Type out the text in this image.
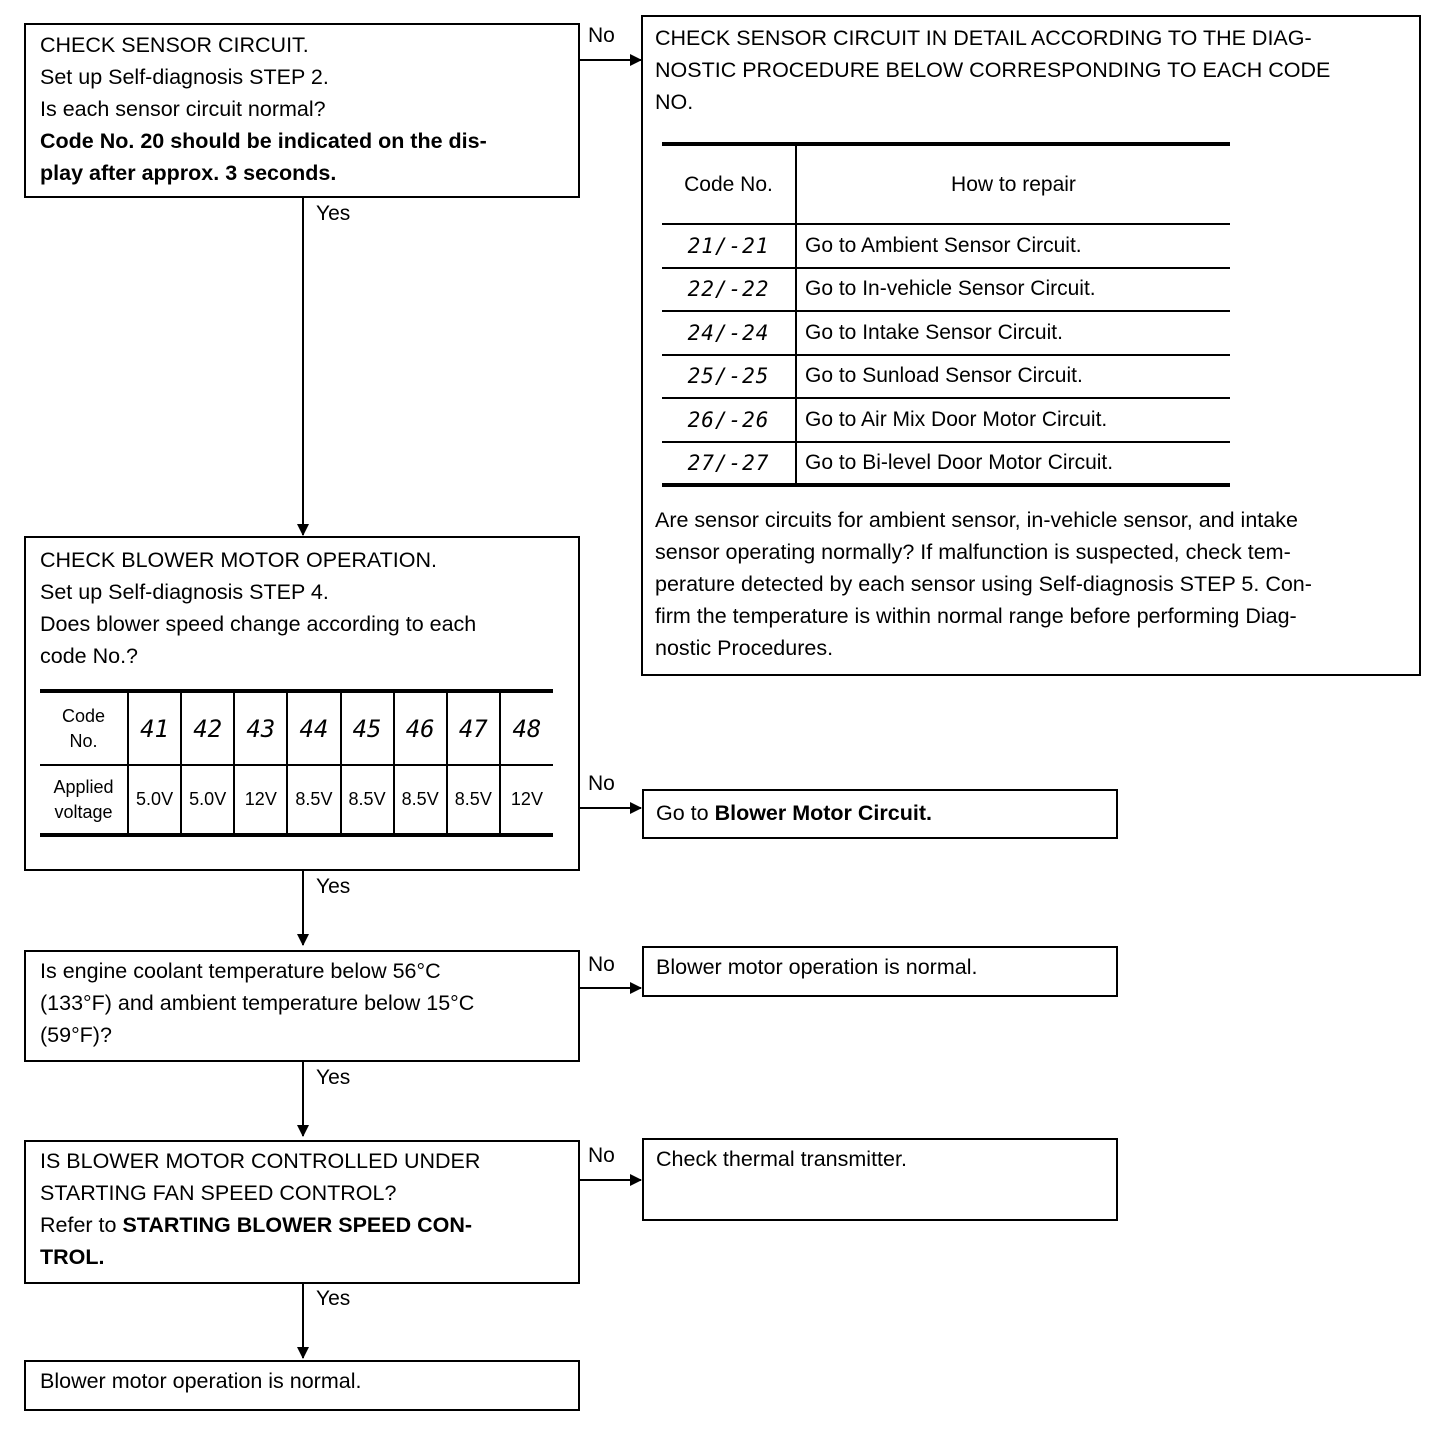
No
Yes
No
Yes
No
Yes
No
Yes
CHECK SENSOR CIRCUIT.
Set up Self-diagnosis STEP 2.
Is each sensor circuit normal?
Code No. 20 should be indicated on the dis-
play after approx. 3 seconds.
CHECK SENSOR CIRCUIT IN DETAIL ACCORDING TO THE DIAG-
NOSTIC PROCEDURE BELOW CORRESPONDING TO EACH CODE
NO.
Code No.	How to repair
21/-21	Go to Ambient Sensor Circuit.
22/-22	Go to In-vehicle Sensor Circuit.
24/-24	Go to Intake Sensor Circuit.
25/-25	Go to Sunload Sensor Circuit.
26/-26	Go to Air Mix Door Motor Circuit.
27/-27	Go to Bi-level Door Motor Circuit.
Are sensor circuits for ambient sensor, in-vehicle sensor, and intake
sensor operating normally? If malfunction is suspected, check tem-
perature detected by each sensor using Self-diagnosis STEP 5. Con-
firm the temperature is within normal range before performing Diag-
nostic Procedures.
CHECK BLOWER MOTOR OPERATION.
Set up Self-diagnosis STEP 4.
Does blower speed change according to each
code No.?
Code
No.	41	42	43	44	45	46	47	48

Applied
voltage	5.0V	5.0V	12V	8.5V	8.5V	8.5V	8.5V	12V
Go to Blower Motor Circuit.
Is engine coolant temperature below 56°C
(133°F) and ambient temperature below 15°C
(59°F)?
Blower motor operation is normal.
IS BLOWER MOTOR CONTROLLED UNDER
STARTING FAN SPEED CONTROL?
Refer to STARTING BLOWER SPEED CON-
TROL.
Check thermal transmitter.
Blower motor operation is normal.
